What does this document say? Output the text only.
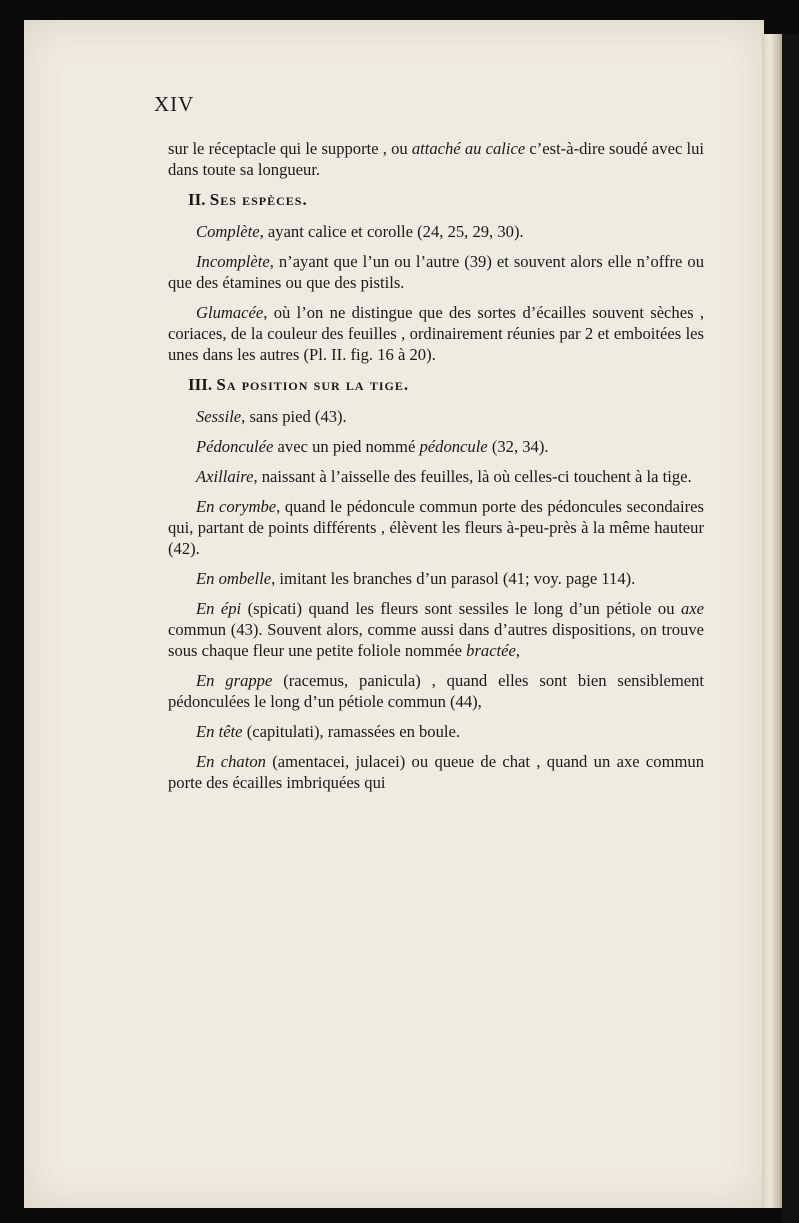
XIV

sur le réceptacle qui le supporte , ou attaché au calice c’est-à-dire soudé avec lui dans toute sa longueur.

II. Ses espèces.

Complète, ayant calice et corolle (24, 25, 29, 30).

Incomplète, n’ayant que l’un ou l’autre (39) et souvent alors elle n’offre ou que des étamines ou que des pistils.

Glumacée, où l’on ne distingue que des sortes d’écailles souvent sèches , coriaces, de la couleur des feuilles , ordinairement réunies par 2 et emboitées les unes dans les autres (Pl. II. fig. 16 à 20).

III. Sa position sur la tige.

Sessile, sans pied (43).

Pédonculée avec un pied nommé pédoncule (32, 34).

Axillaire, naissant à l’aisselle des feuilles, là où celles-ci touchent à la tige.

En corymbe, quand le pédoncule commun porte des pédoncules secondaires qui, partant de points différents , élèvent les fleurs à-peu-près à la même hauteur (42).

En ombelle, imitant les branches d’un parasol (41; voy. page 114).

En épi (spicati) quand les fleurs sont sessiles le long d’un pétiole ou axe commun (43). Souvent alors, comme aussi dans d’autres dispositions, on trouve sous chaque fleur une petite foliole nommée bractée,

En grappe (racemus, panicula) , quand elles sont bien sensiblement pédonculées le long d’un pétiole commun (44),

En tête (capitulati), ramassées en boule.

En chaton (amentacei, julacei) ou queue de chat , quand un axe commun porte des écailles imbriquées qui
